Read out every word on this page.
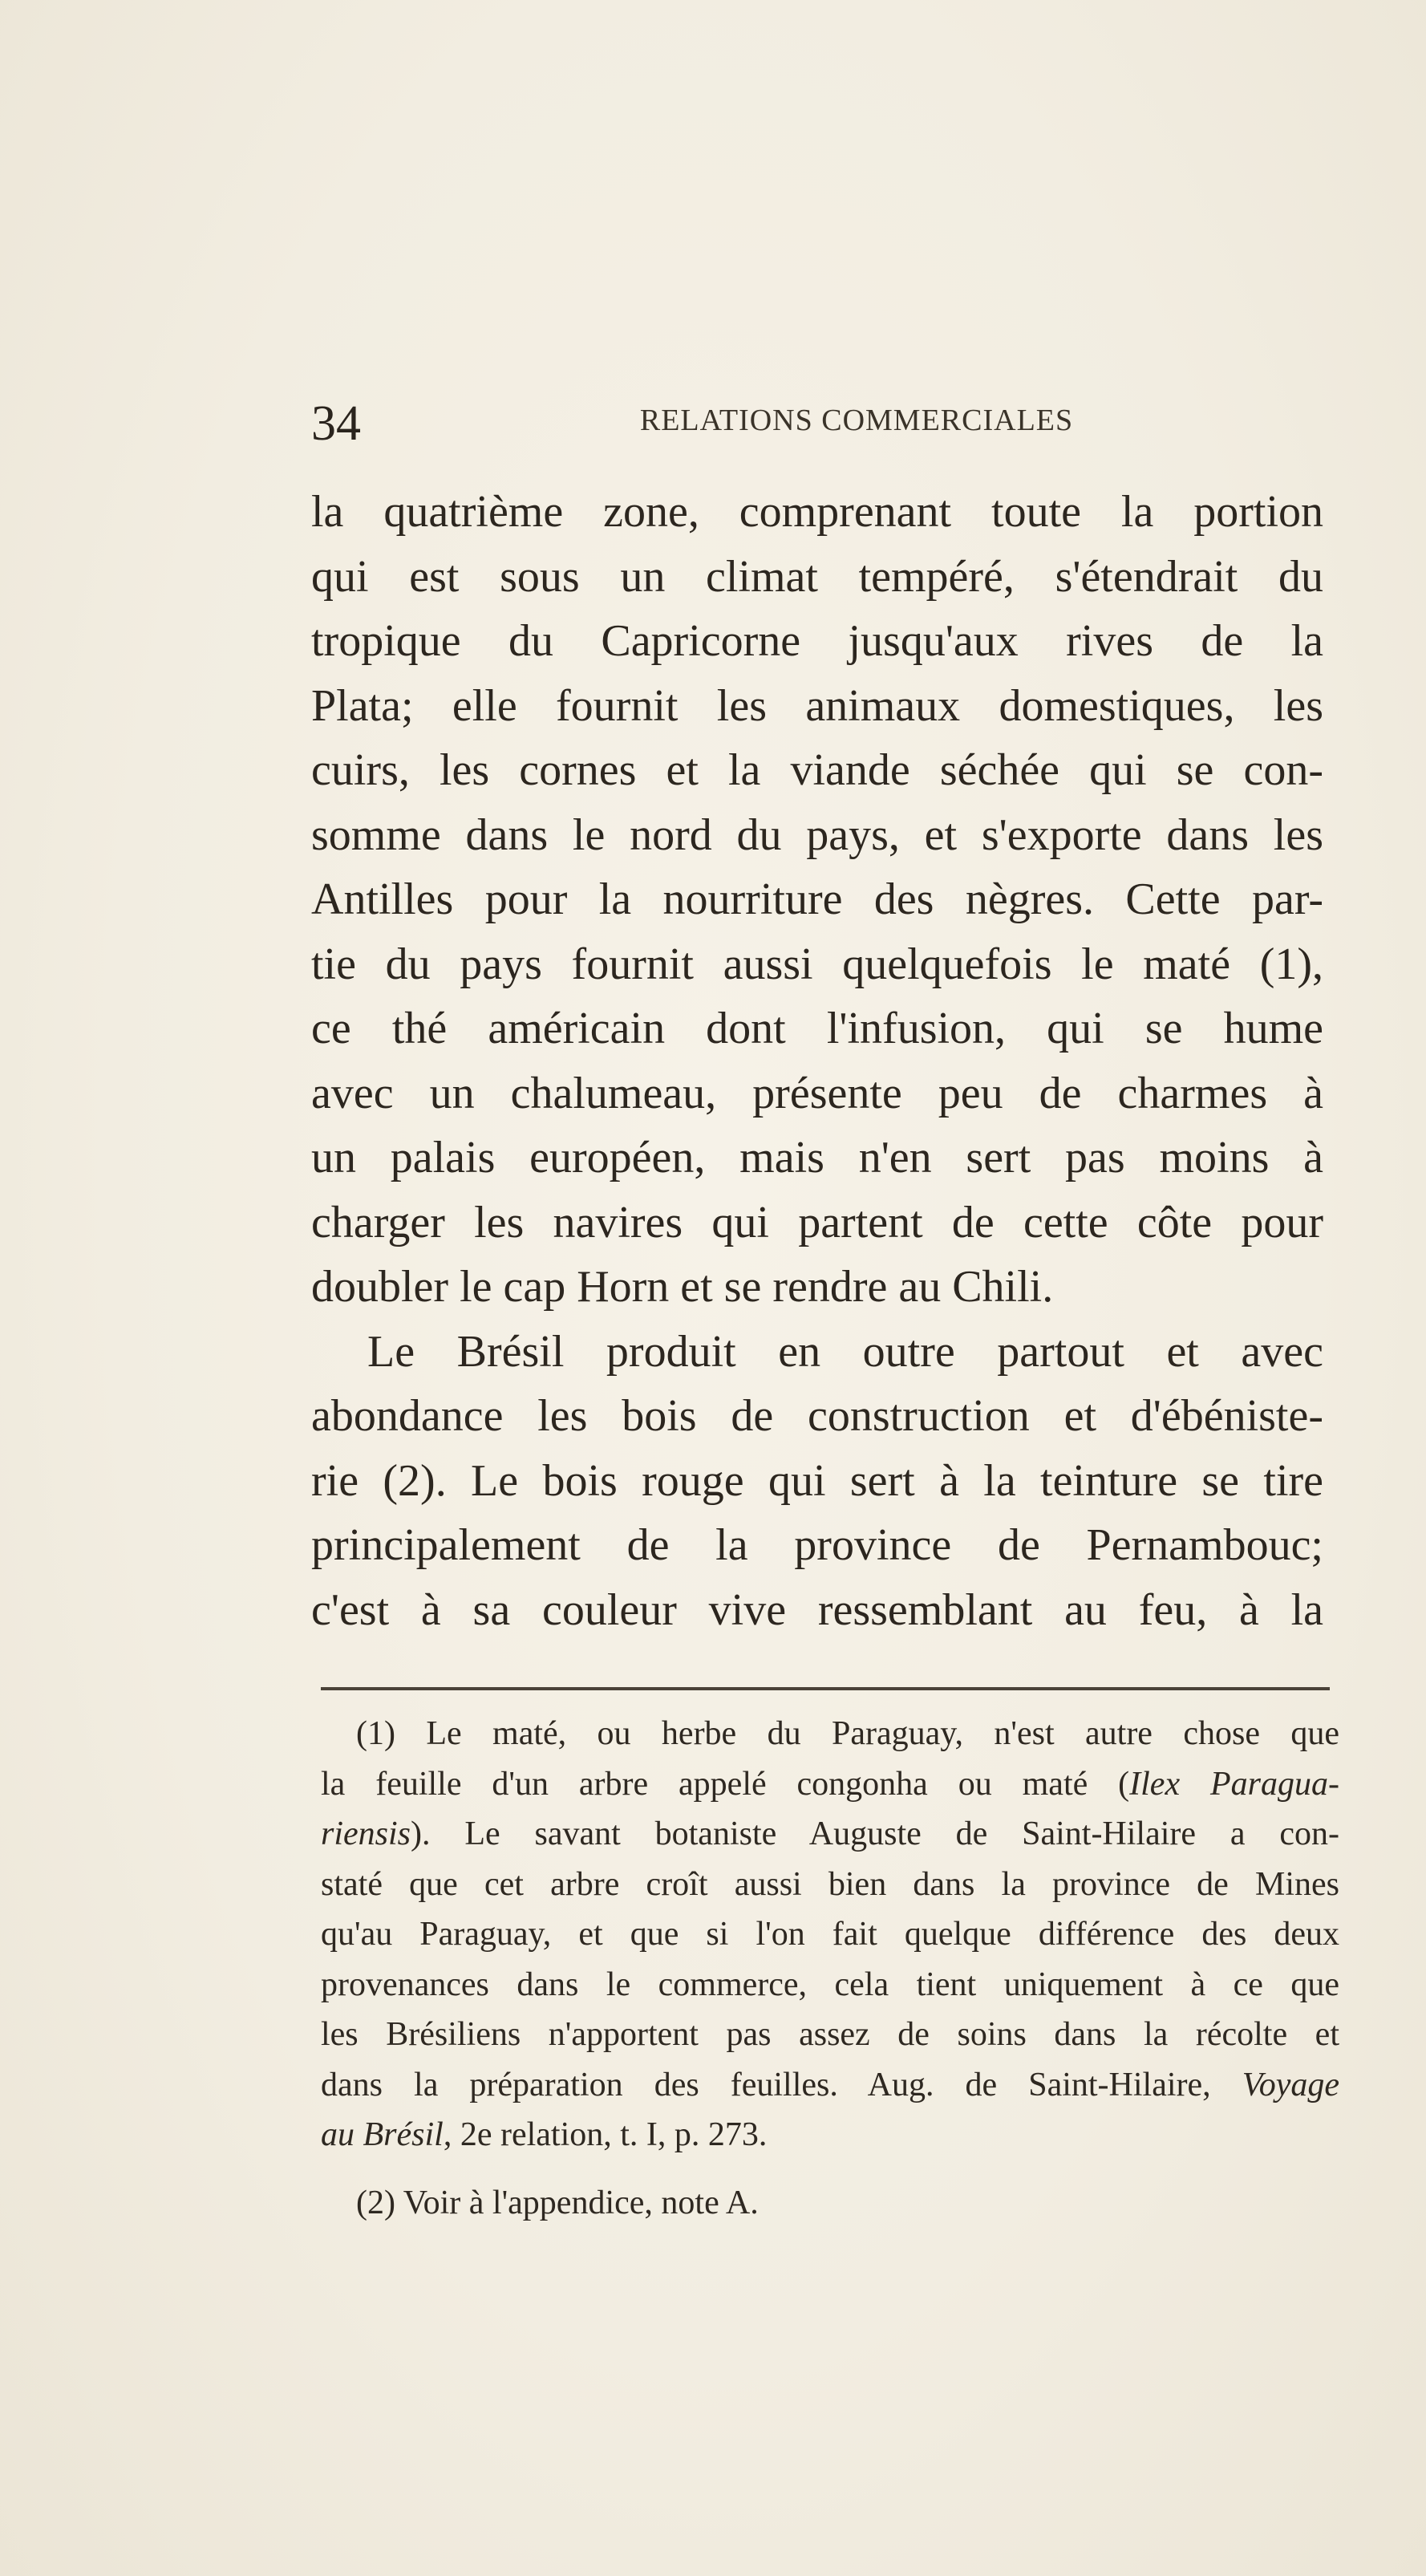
34	RELATIONS COMMERCIALES
la quatrième zone, comprenant toute la portion
qui est sous un climat tempéré, s'étendrait du
tropique du Capricorne jusqu'aux rives de la
Plata; elle fournit les animaux domestiques, les
cuirs, les cornes et la viande séchée qui se con-
somme dans le nord du pays, et s'exporte dans les
Antilles pour la nourriture des nègres. Cette par-
tie du pays fournit aussi quelquefois le maté (1),
ce thé américain dont l'infusion, qui se hume
avec un chalumeau, présente peu de charmes à
un palais européen, mais n'en sert pas moins à
charger les navires qui partent de cette côte pour
doubler le cap Horn et se rendre au Chili.
Le Brésil produit en outre partout et avec
abondance les bois de construction et d'ébéniste-
rie (2). Le bois rouge qui sert à la teinture se tire
principalement de la province de Pernambouc;
c'est à sa couleur vive ressemblant au feu, à la
(1) Le maté, ou herbe du Paraguay, n'est autre chose que
la feuille d'un arbre appelé congonha ou maté (Ilex Paragua-
riensis). Le savant botaniste Auguste de Saint-Hilaire a con-
staté que cet arbre croît aussi bien dans la province de Mines
qu'au Paraguay, et que si l'on fait quelque différence des deux
provenances dans le commerce, cela tient uniquement à ce que
les Brésiliens n'apportent pas assez de soins dans la récolte et
dans la préparation des feuilles. Aug. de Saint-Hilaire, Voyage
au Brésil, 2e relation, t. I, p. 273.
(2) Voir à l'appendice, note A.
